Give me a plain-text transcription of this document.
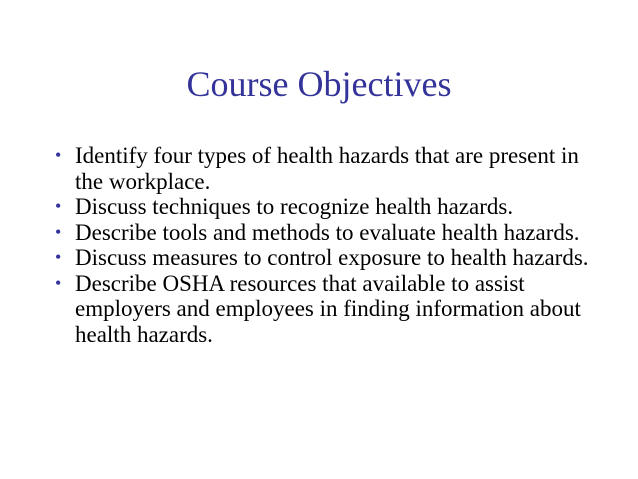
Course Objectives
• Identify four types of health hazards that are present in the workplace.
• Discuss techniques to recognize health hazards.
• Describe tools and methods to evaluate health hazards.
• Discuss measures to control exposure to health hazards.
• Describe OSHA resources that available to assist employers and employees in finding information about health hazards.
